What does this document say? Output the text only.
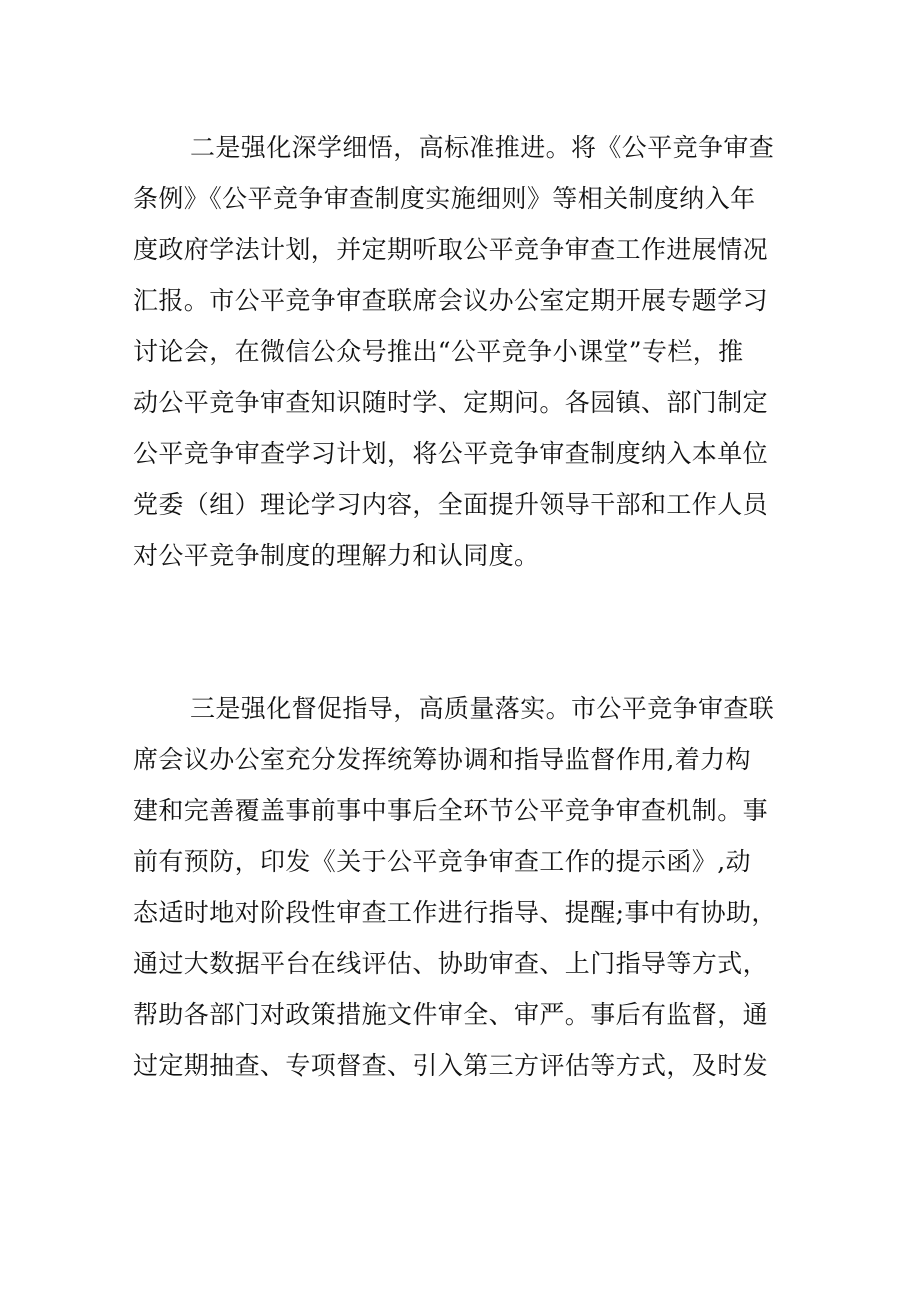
二是强化深学细悟，高标准推进。将《公平竞争审查
条例》《公平竞争审查制度实施细则》等相关制度纳入年
度政府学法计划，并定期听取公平竞争审查工作进展情况
汇报。市公平竞争审查联席会议办公室定期开展专题学习
讨论会，在微信公众号推出“公平竞争小课堂”专栏，推
动公平竞争审查知识随时学、定期问。各园镇、部门制定
公平竞争审查学习计划，将公平竞争审查制度纳入本单位
党委（组）理论学习内容，全面提升领导干部和工作人员
对公平竞争制度的理解力和认同度。
三是强化督促指导，高质量落实。市公平竞争审查联
席会议办公室充分发挥统筹协调和指导监督作用,着力构
建和完善覆盖事前事中事后全环节公平竞争审查机制。事
前有预防，印发《关于公平竞争审查工作的提示函》,动
态适时地对阶段性审查工作进行指导、提醒;事中有协助，
通过大数据平台在线评估、协助审查、上门指导等方式，
帮助各部门对政策措施文件审全、审严。事后有监督，通
过定期抽查、专项督查、引入第三方评估等方式，及时发
